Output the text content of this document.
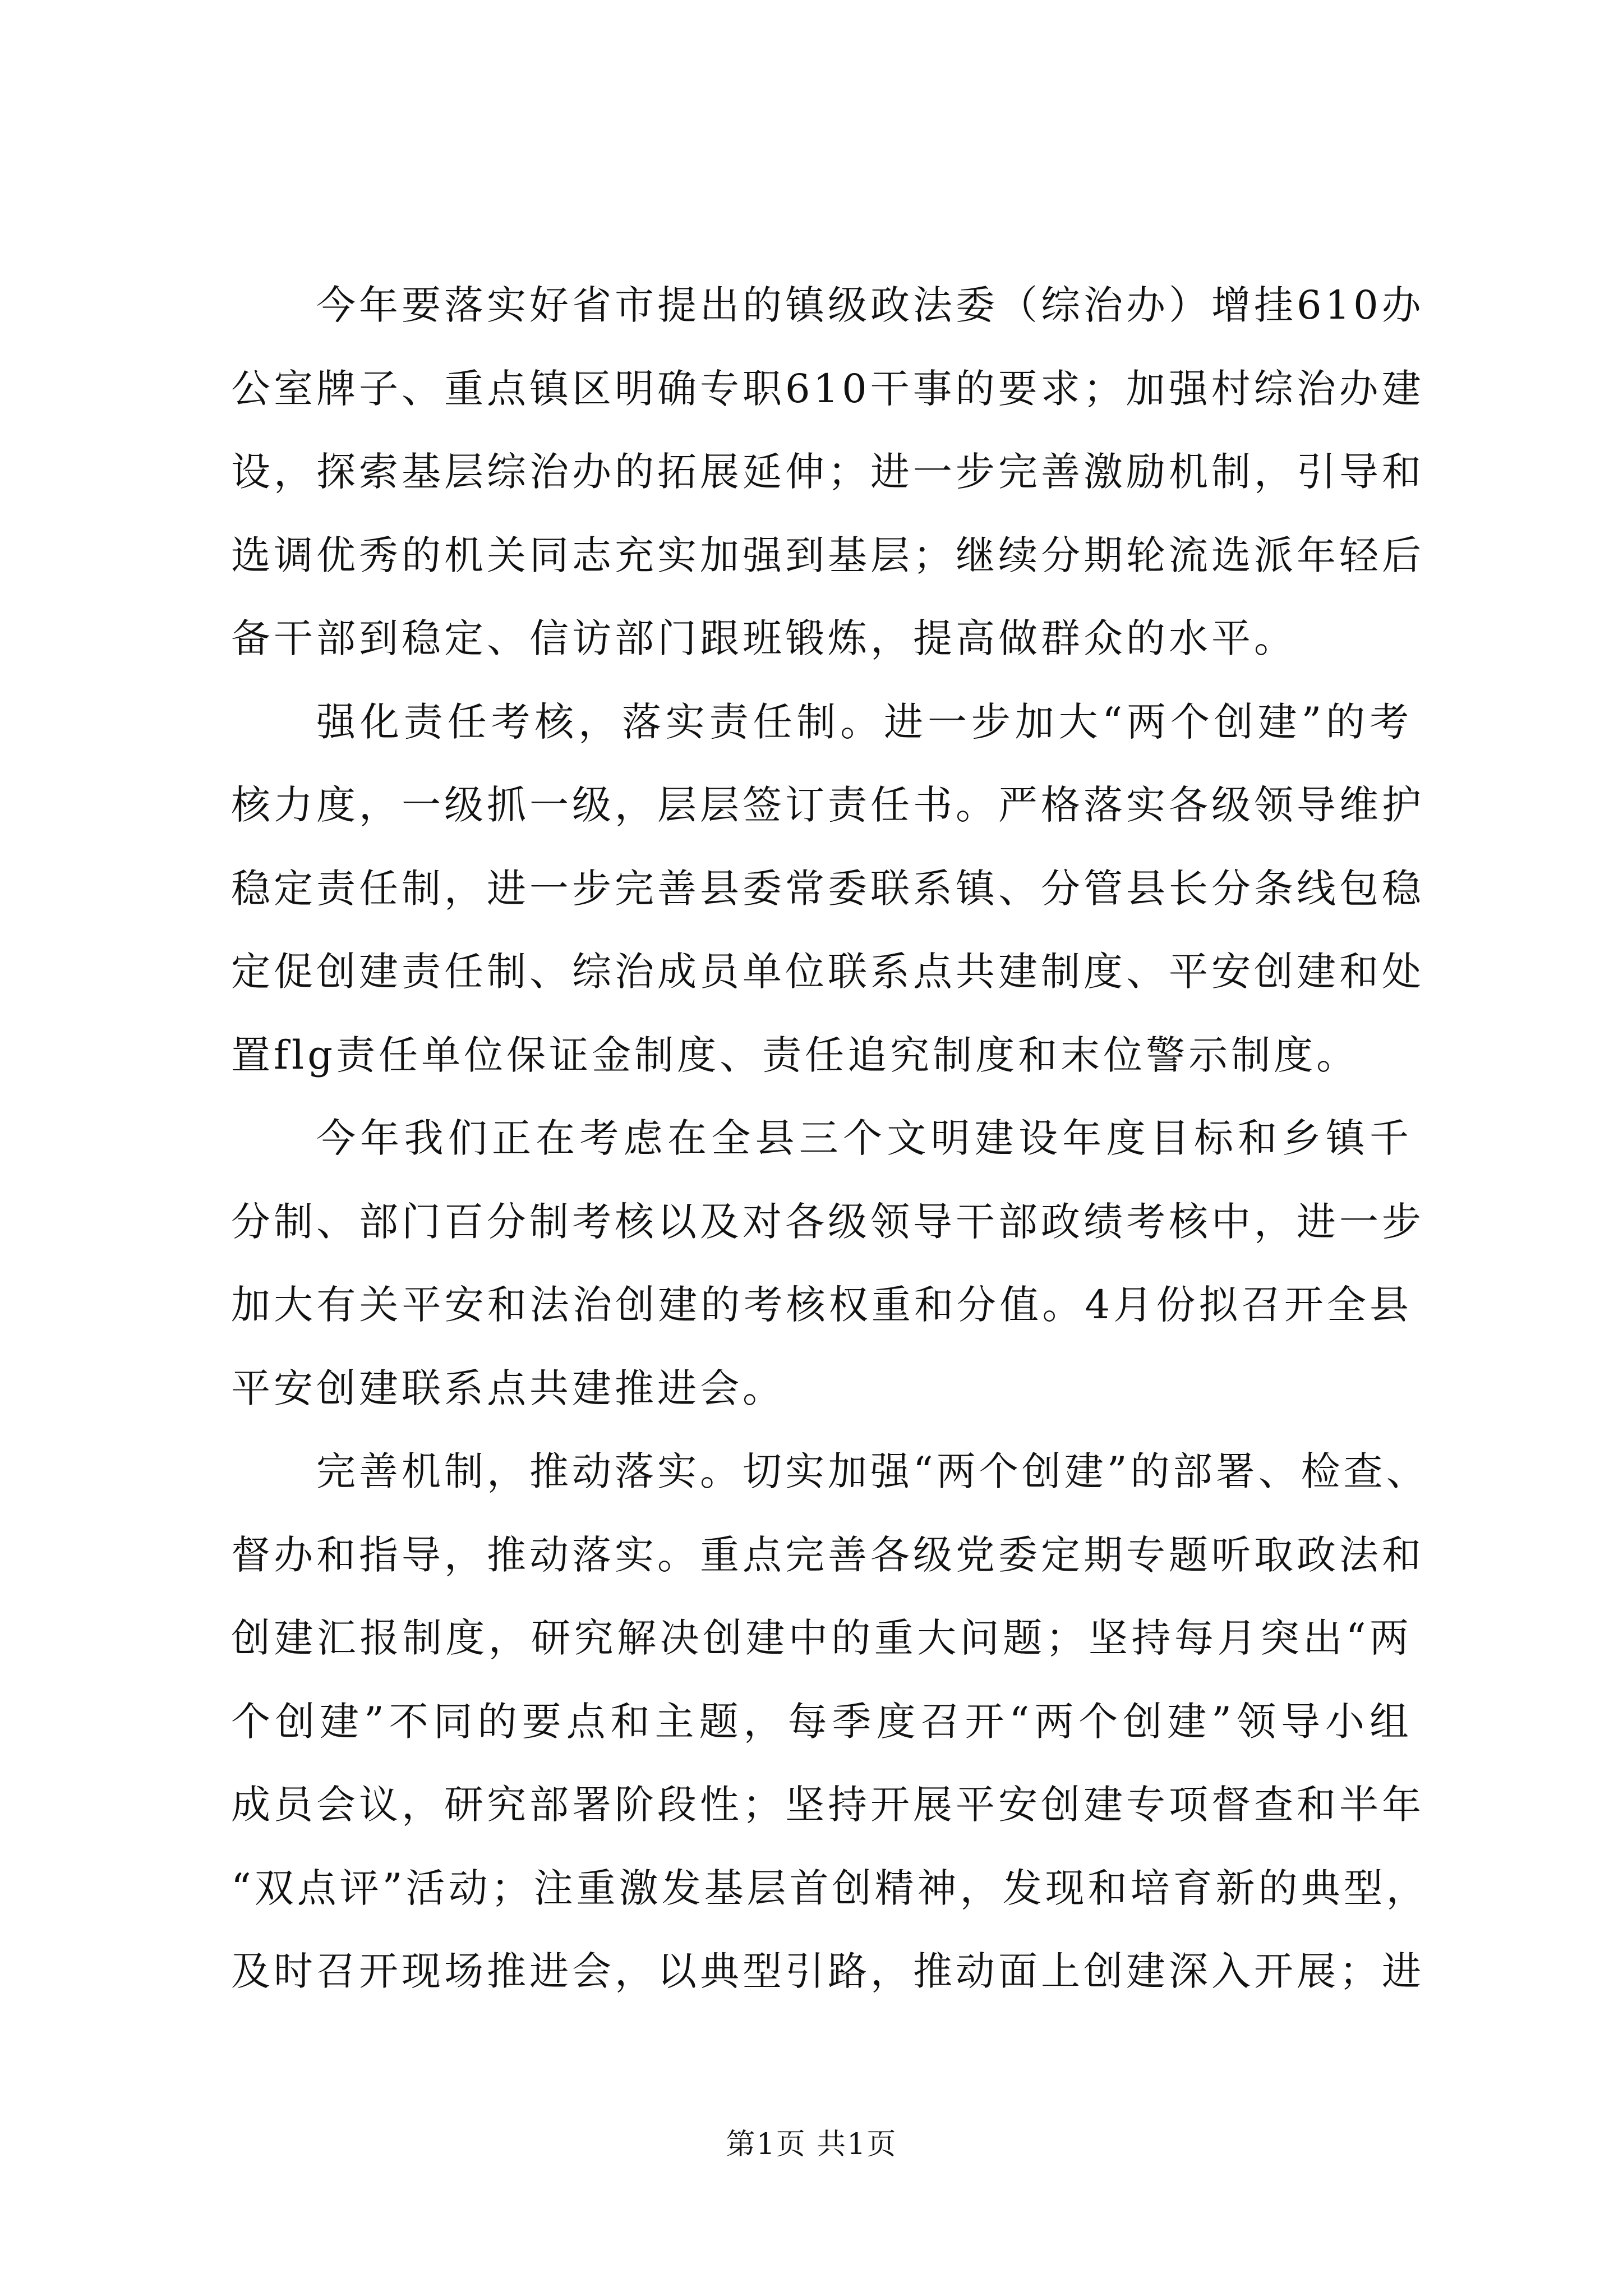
今年要落实好省市提出的镇级政法委（综治办）增挂610办
公室牌子、重点镇区明确专职610干事的要求；加强村综治办建
设，探索基层综治办的拓展延伸；进一步完善激励机制，引导和
选调优秀的机关同志充实加强到基层；继续分期轮流选派年轻后
备干部到稳定、信访部门跟班锻炼，提高做群众的水平。

强化责任考核，落实责任制。进一步加大“两个创建”的考
核力度，一级抓一级，层层签订责任书。严格落实各级领导维护
稳定责任制，进一步完善县委常委联系镇、分管县长分条线包稳
定促创建责任制、综治成员单位联系点共建制度、平安创建和处
置flg责任单位保证金制度、责任追究制度和末位警示制度。

今年我们正在考虑在全县三个文明建设年度目标和乡镇千
分制、部门百分制考核以及对各级领导干部政绩考核中，进一步
加大有关平安和法治创建的考核权重和分值。4月份拟召开全县
平安创建联系点共建推进会。

完善机制，推动落实。切实加强“两个创建”的部署、检查、
督办和指导，推动落实。重点完善各级党委定期专题听取政法和
创建汇报制度，研究解决创建中的重大问题；坚持每月突出“两
个创建”不同的要点和主题，每季度召开“两个创建”领导小组
成员会议，研究部署阶段性；坚持开展平安创建专项督查和半年
“双点评”活动；注重激发基层首创精神，发现和培育新的典型，
及时召开现场推进会，以典型引路，推动面上创建深入开展；进

第1页 共1页
